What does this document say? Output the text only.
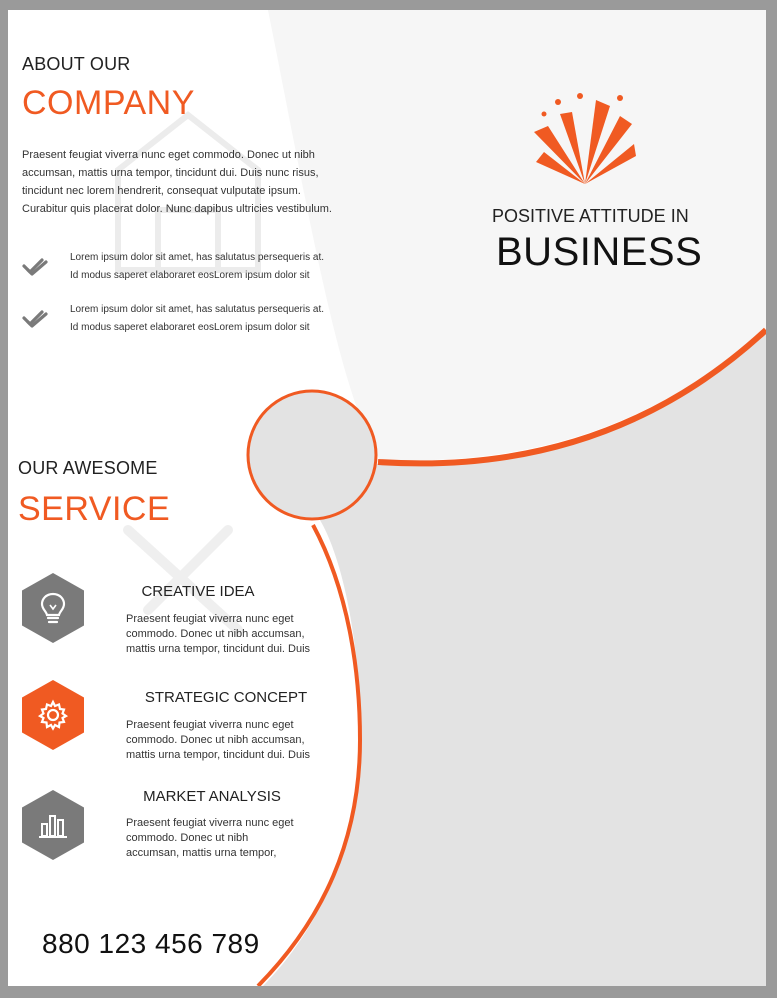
ABOUT OUR

COMPANY

Praesent feugiat viverra nunc eget commodo. Donec ut nibh

accumsan, mattis urna tempor, tincidunt dui. Duis nunc risus,

tincidunt nec lorem hendrerit, consequat vulputate ipsum.

Curabitur quis placerat dolor. Nunc dapibus ultricies vestibulum.

Lorem ipsum dolor sit amet, has salutatus persequeris at.

Id modus saperet elaboraret eosLorem ipsum dolor sit

Lorem ipsum dolor sit amet, has salutatus persequeris at.

Id modus saperet elaboraret eosLorem ipsum dolor sit

POSITIVE ATTITUDE IN

BUSINESS

OUR AWESOME

SERVICE

CREATIVE IDEA

Praesent feugiat viverra nunc eget

commodo. Donec ut nibh accumsan,

mattis urna tempor, tincidunt dui. Duis

STRATEGIC CONCEPT

Praesent feugiat viverra nunc eget

commodo. Donec ut nibh accumsan,

mattis urna tempor, tincidunt dui. Duis

MARKET ANALYSIS

Praesent feugiat viverra nunc eget

commodo. Donec ut nibh

accumsan, mattis urna tempor,

880 123 456 789
